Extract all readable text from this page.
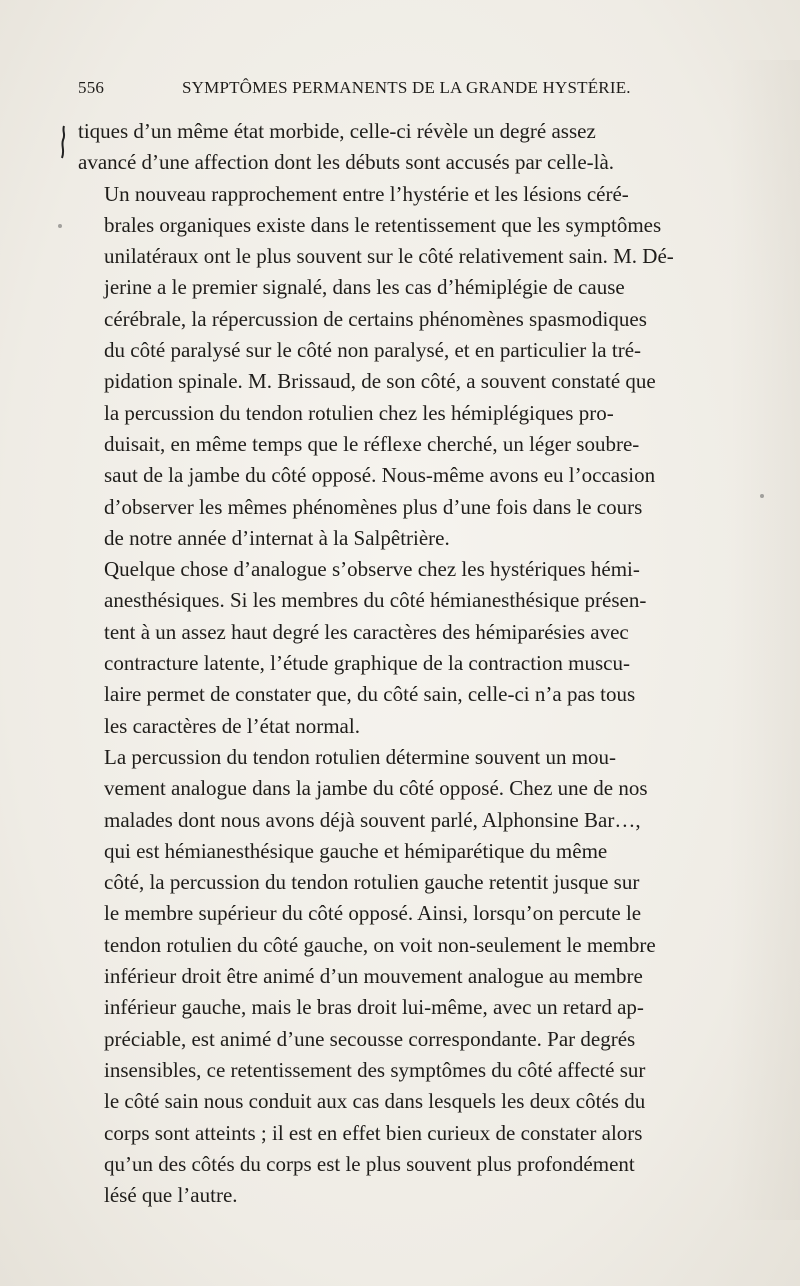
556	SYMPTÔMES PERMANENTS DE LA GRANDE HYSTÉRIE.

tiques d’un même état morbide, celle-ci révèle un degré assez
avancé d’une affection dont les débuts sont accusés par celle-là.

Un nouveau rapprochement entre l’hystérie et les lésions céré-
brales organiques existe dans le retentissement que les symptômes
unilatéraux ont le plus souvent sur le côté relativement sain. M. Dé-
jerine a le premier signalé, dans les cas d’hémiplégie de cause
cérébrale, la répercussion de certains phénomènes spasmodiques
du côté paralysé sur le côté non paralysé, et en particulier la tré-
pidation spinale. M. Brissaud, de son côté, a souvent constaté que
la percussion du tendon rotulien chez les hémiplégiques pro-
duisait, en même temps que le réflexe cherché, un léger soubre-
saut de la jambe du côté opposé. Nous-même avons eu l’occasion
d’observer les mêmes phénomènes plus d’une fois dans le cours
de notre année d’internat à la Salpêtrière.

Quelque chose d’analogue s’observe chez les hystériques hémi-
anesthésiques. Si les membres du côté hémianesthésique présen-
tent à un assez haut degré les caractères des hémiparésies avec
contracture latente, l’étude graphique de la contraction muscu-
laire permet de constater que, du côté sain, celle-ci n’a pas tous
les caractères de l’état normal.

La percussion du tendon rotulien détermine souvent un mou-
vement analogue dans la jambe du côté opposé. Chez une de nos
malades dont nous avons déjà souvent parlé, Alphonsine Bar…,
qui est hémianesthésique gauche et hémiparétique du même
côté, la percussion du tendon rotulien gauche retentit jusque sur
le membre supérieur du côté opposé. Ainsi, lorsqu’on percute le
tendon rotulien du côté gauche, on voit non-seulement le membre
inférieur droit être animé d’un mouvement analogue au membre
inférieur gauche, mais le bras droit lui-même, avec un retard ap-
préciable, est animé d’une secousse correspondante. Par degrés
insensibles, ce retentissement des symptômes du côté affecté sur
le côté sain nous conduit aux cas dans lesquels les deux côtés du
corps sont atteints ; il est en effet bien curieux de constater alors
qu’un des côtés du corps est le plus souvent plus profondément
lésé que l’autre.
